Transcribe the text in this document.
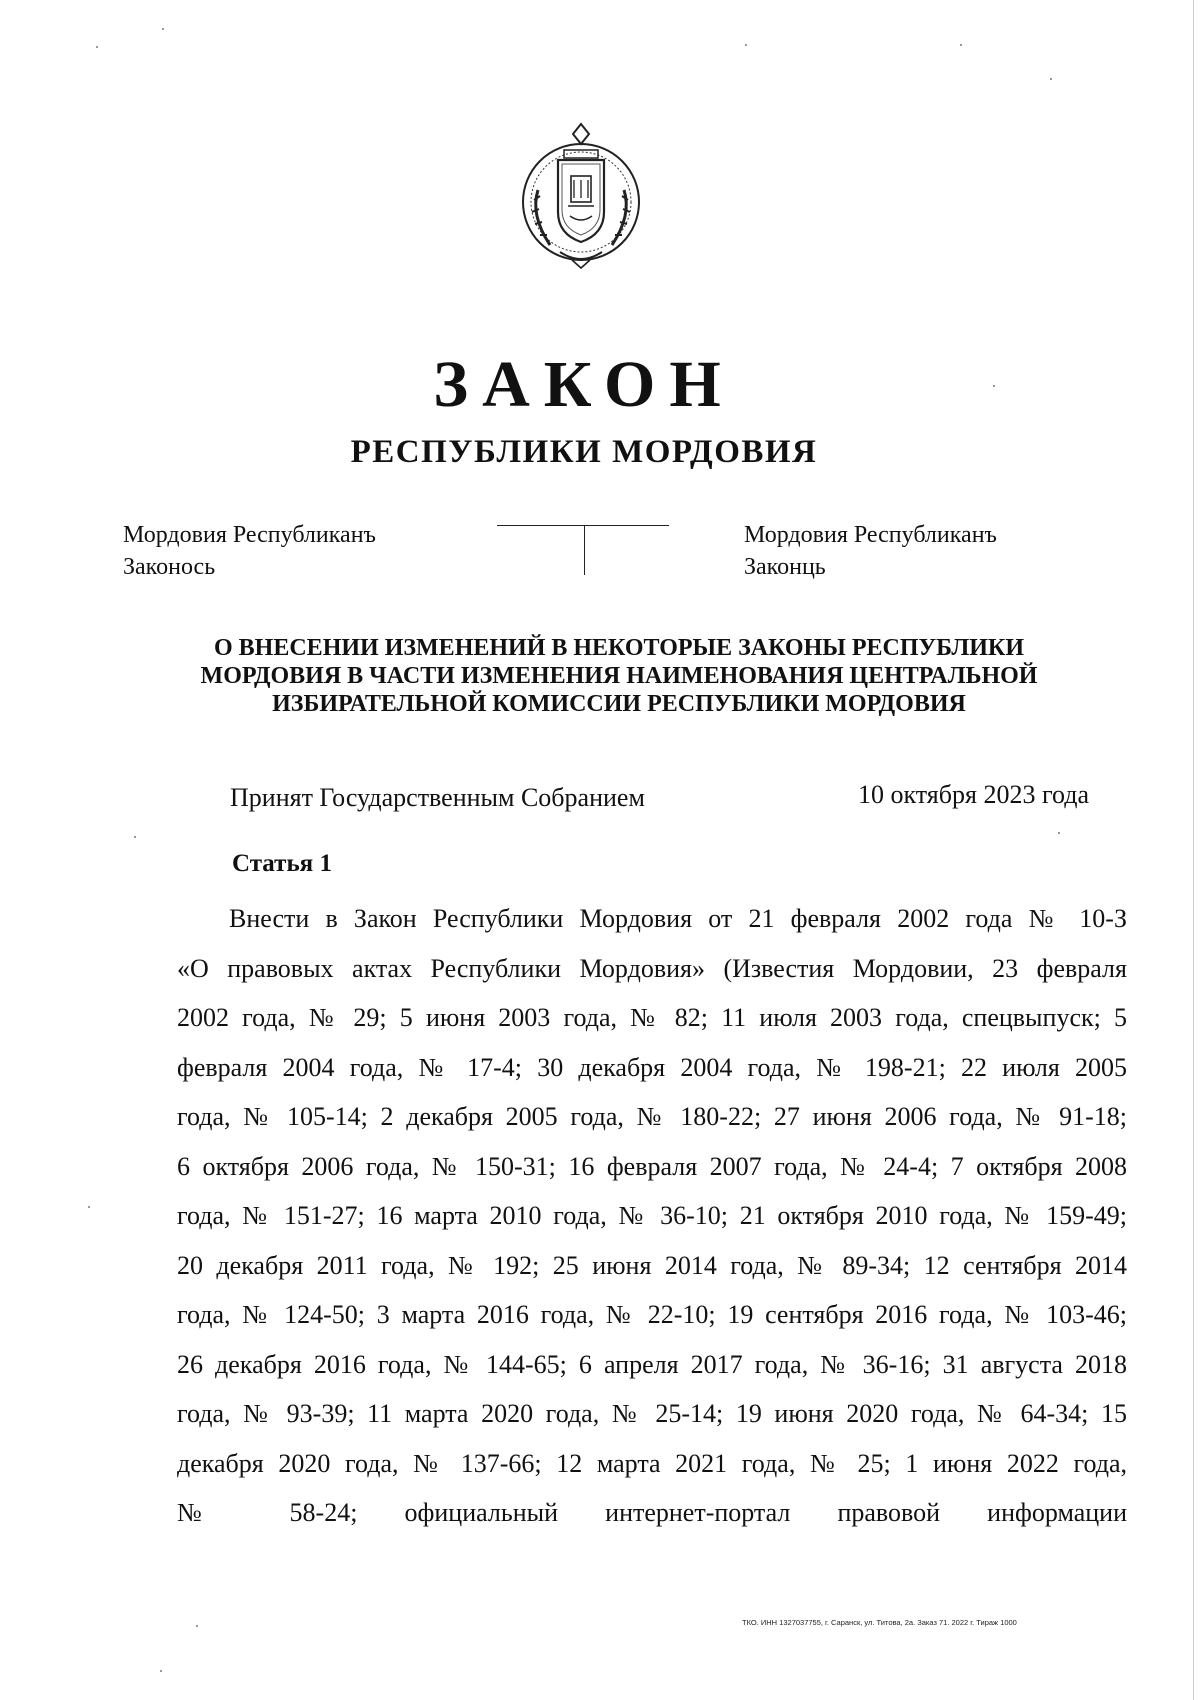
ЗАКОН
РЕСПУБЛИКИ МОРДОВИЯ
Мордовия Республиканъ
Законось
Мордовия Республиканъ
Законць
О ВНЕСЕНИИ ИЗМЕНЕНИЙ В НЕКОТОРЫЕ ЗАКОНЫ РЕСПУБЛИКИ
МОРДОВИЯ В ЧАСТИ ИЗМЕНЕНИЯ НАИМЕНОВАНИЯ ЦЕНТРАЛЬНОЙ
ИЗБИРАТЕЛЬНОЙ КОМИССИИ РЕСПУБЛИКИ МОРДОВИЯ
Принят Государственным Собранием	10 октября 2023 года
Статья 1
Внести в Закон Республики Мордовия от 21 февраля 2002 года № 10-З
«О правовых актах Республики Мордовия» (Известия Мордовии, 23 февраля
2002 года, № 29; 5 июня 2003 года, № 82; 11 июля 2003 года, спецвыпуск; 5
февраля 2004 года, № 17-4; 30 декабря 2004 года, № 198-21; 22 июля 2005
года, № 105-14; 2 декабря 2005 года, № 180-22; 27 июня 2006 года, № 91-18;
6 октября 2006 года, № 150-31; 16 февраля 2007 года, № 24-4; 7 октября 2008
года, № 151-27; 16 марта 2010 года, № 36-10; 21 октября 2010 года, № 159-49;
20 декабря 2011 года, № 192; 25 июня 2014 года, № 89-34; 12 сентября 2014
года, № 124-50; 3 марта 2016 года, № 22-10; 19 сентября 2016 года, № 103-46;
26 декабря 2016 года, № 144-65; 6 апреля 2017 года, № 36-16; 31 августа 2018
года, № 93-39; 11 марта 2020 года, № 25-14; 19 июня 2020 года, № 64-34; 15
декабря 2020 года, № 137-66; 12 марта 2021 года, № 25; 1 июня 2022 года,
№ 58-24; официальный интернет-портал правовой информации
ТКО. ИНН 1327037755, г. Саранск, ул. Титова, 2а. Заказ 71. 2022 г. Тираж 1000
